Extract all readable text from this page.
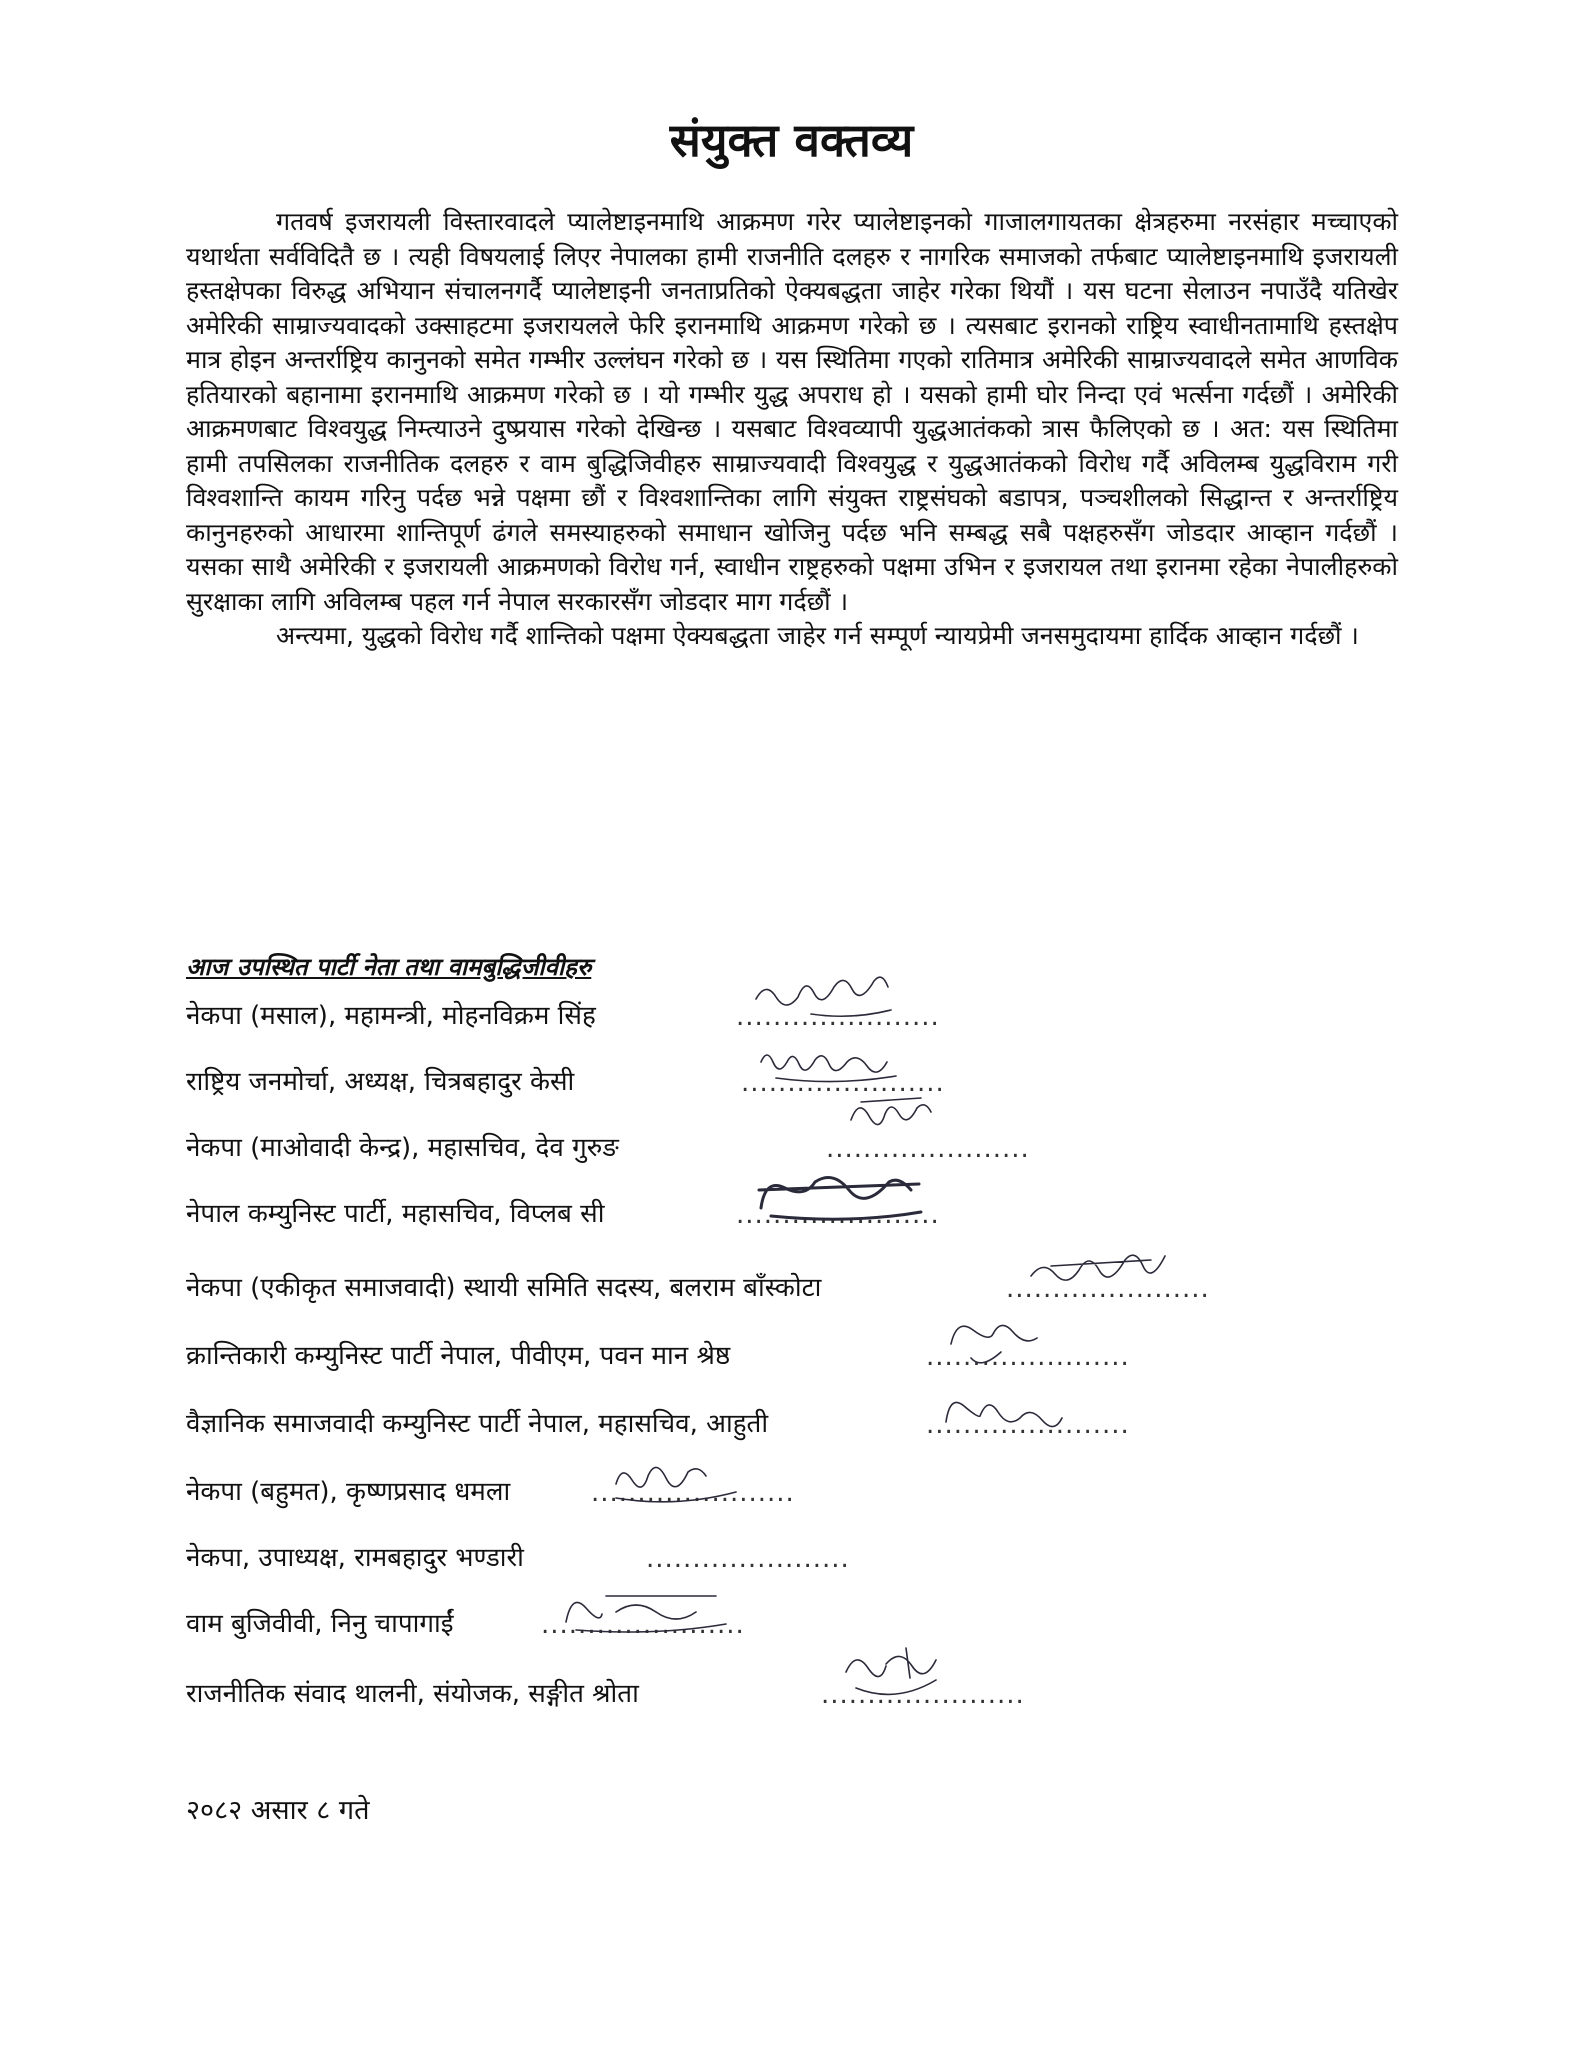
संयुक्त वक्तव्य

गतवर्ष इजरायली विस्तारवादले प्यालेष्टाइनमाथि आक्रमण गरेर प्यालेष्टाइनको गाजालगायतका क्षेत्रहरुमा नरसंहार मच्चाएको यथार्थता सर्वविदितै छ । त्यही विषयलाई लिएर नेपालका हामी राजनीति दलहरु र नागरिक समाजको तर्फबाट प्यालेष्टाइनमाथि इजरायली हस्तक्षेपका विरुद्ध अभियान संचालनगर्दै प्यालेष्टाइनी जनताप्रतिको ऐक्यबद्धता जाहेर गरेका थियौं । यस घटना सेलाउन नपाउँदै यतिखेर अमेरिकी साम्राज्यवादको उक्साहटमा इजरायलले फेरि इरानमाथि आक्रमण गरेको छ । त्यसबाट इरानको राष्ट्रिय स्वाधीनतामाथि हस्तक्षेप मात्र होइन अन्तर्राष्ट्रिय कानुनको समेत गम्भीर उल्लंघन गरेको छ । यस स्थितिमा गएको रातिमात्र अमेरिकी साम्राज्यवादले समेत आणविक हतियारको बहानामा इरानमाथि आक्रमण गरेको छ । यो गम्भीर युद्ध अपराध हो । यसको हामी घोर निन्दा एवं भर्त्सना गर्दछौं । अमेरिकी आक्रमणबाट विश्वयुद्ध निम्त्याउने दुष्प्रयास गरेको देखिन्छ । यसबाट विश्वव्यापी युद्धआतंकको त्रास फैलिएको छ । अत: यस स्थितिमा हामी तपसिलका राजनीतिक दलहरु र वाम बुद्धिजिवीहरु साम्राज्यवादी विश्वयुद्ध र युद्धआतंकको विरोध गर्दै अविलम्ब युद्धविराम गरी विश्वशान्ति कायम गरिनु पर्दछ भन्ने पक्षमा छौं र विश्वशान्तिका लागि संयुक्त राष्ट्रसंघको बडापत्र, पञ्चशीलको सिद्धान्त र अन्तर्राष्ट्रिय कानुनहरुको आधारमा शान्तिपूर्ण ढंगले समस्याहरुको समाधान खोजिनु पर्दछ भनि सम्बद्ध सबै पक्षहरुसँग जोडदार आव्हान गर्दछौं । यसका साथै अमेरिकी र इजरायली आक्रमणको विरोध गर्न, स्वाधीन राष्ट्रहरुको पक्षमा उभिन र इजरायल तथा इरानमा रहेका नेपालीहरुको सुरक्षाका लागि अविलम्ब पहल गर्न नेपाल सरकारसँग जोडदार माग गर्दछौं ।

अन्त्यमा, युद्धको विरोध गर्दै शान्तिको पक्षमा ऐक्यबद्धता जाहेर गर्न सम्पूर्ण न्यायप्रेमी जनसमुदायमा हार्दिक आव्हान गर्दछौं ।

आज उपस्थित पार्टी नेता तथा वामबुद्धिजीवीहरु
नेकपा (मसाल), महामन्त्री, मोहनविक्रम सिंह	......................
राष्ट्रिय जनमोर्चा, अध्यक्ष, चित्रबहादुर केसी	......................
नेकपा (माओवादी केन्द्र), महासचिव, देव गुरुङ	......................
नेपाल कम्युनिस्ट पार्टी, महासचिव, विप्लब सी	......................
नेकपा (एकीकृत समाजवादी) स्थायी समिति सदस्य, बलराम बाँस्कोटा	......................
क्रान्तिकारी कम्युनिस्ट पार्टी नेपाल, पीवीएम, पवन मान श्रेष्ठ	......................
वैज्ञानिक समाजवादी कम्युनिस्ट पार्टी नेपाल, महासचिव, आहुती	......................
नेकपा (बहुमत), कृष्णप्रसाद धमला	......................
नेकपा, उपाध्यक्ष, रामबहादुर भण्डारी	......................
वाम बुजिवीवी, निनु चापागाईं	......................
राजनीतिक संवाद थालनी, संयोजक, सङ्गीत श्रोता	......................
२०८२ असार ८ गते
